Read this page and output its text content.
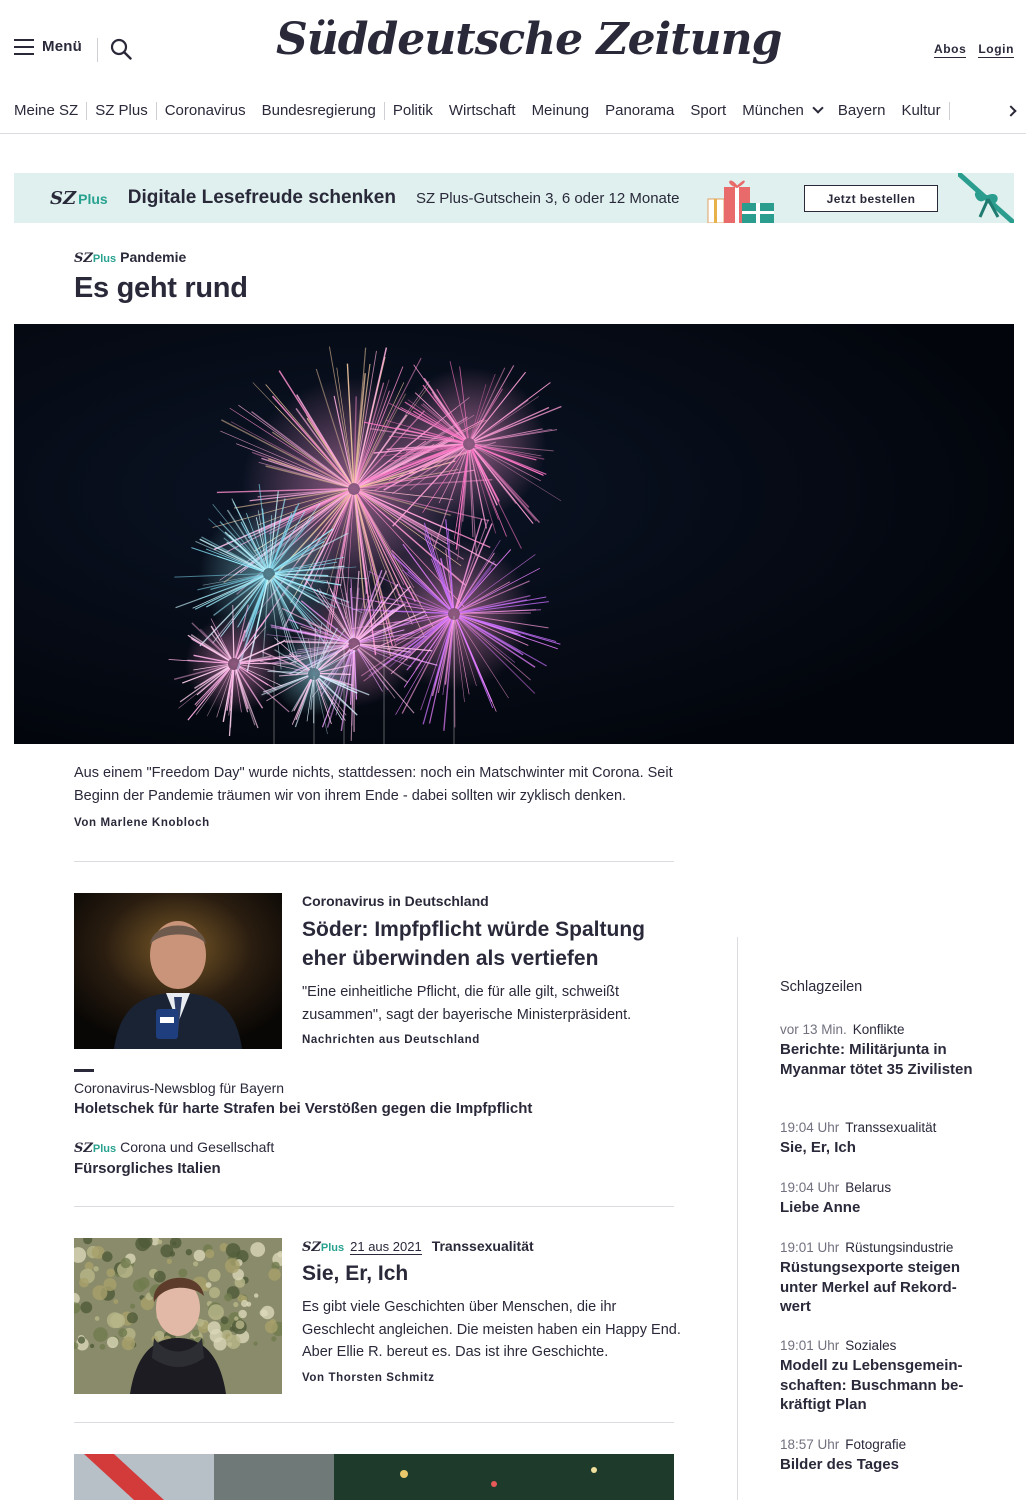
Menü	Süddeutsche Zeitung	Abos Login
Meine SZ	SZ Plus	Coronavirus	Bundesregierung	Politik	Wirtschaft	Meinung	Panorama	Sport	München	Bayern	Kultur
SZ Plus Digitale Lesefreude schenken SZ Plus-Gutschein 3, 6 oder 12 Monate	Jetzt bestellen
SZPlus Pandemie
Es geht rund
Aus einem "Freedom Day" wurde nichts, stattdessen: noch ein Matschwinter mit Corona. Seit Beginn der Pandemie träumen wir von ihrem Ende - dabei sollten wir zyklisch denken.
Von Marlene Knobloch
Coronavirus in Deutschland
Söder: Impfpflicht würde Spaltung eher überwinden als vertiefen
"Eine einheitliche Pflicht, die für alle gilt, schweißt zusammen", sagt der bayerische Ministerpräsident.
Nachrichten aus Deutschland
Coronavirus-Newsblog für Bayern
Holetschek für harte Strafen bei Verstößen gegen die Impfpflicht
SZPlus Corona und Gesellschaft
Fürsorgliches Italien
SZPlus 21 aus 2021 Transsexualität
Sie, Er, Ich
Es gibt viele Geschichten über Menschen, die ihr Geschlecht angleichen. Die meisten haben ein Happy End. Aber Ellie R. bereut es. Das ist ihre Geschichte.
Von Thorsten Schmitz
Schlagzeilen
vor 13 Min. Konflikte
Berichte: Militärjunta in Myanmar tötet 35 Zivilisten
19:04 Uhr Transsexualität
Sie, Er, Ich
19:04 Uhr Belarus
Liebe Anne
19:01 Uhr Rüstungsindustrie
Rüstungsexporte steigen unter Merkel auf Rekordwert
19:01 Uhr Soziales
Modell zu Lebensgemeinschaften: Buschmann bekräftigt Plan
18:57 Uhr Fotografie
Bilder des Tages
